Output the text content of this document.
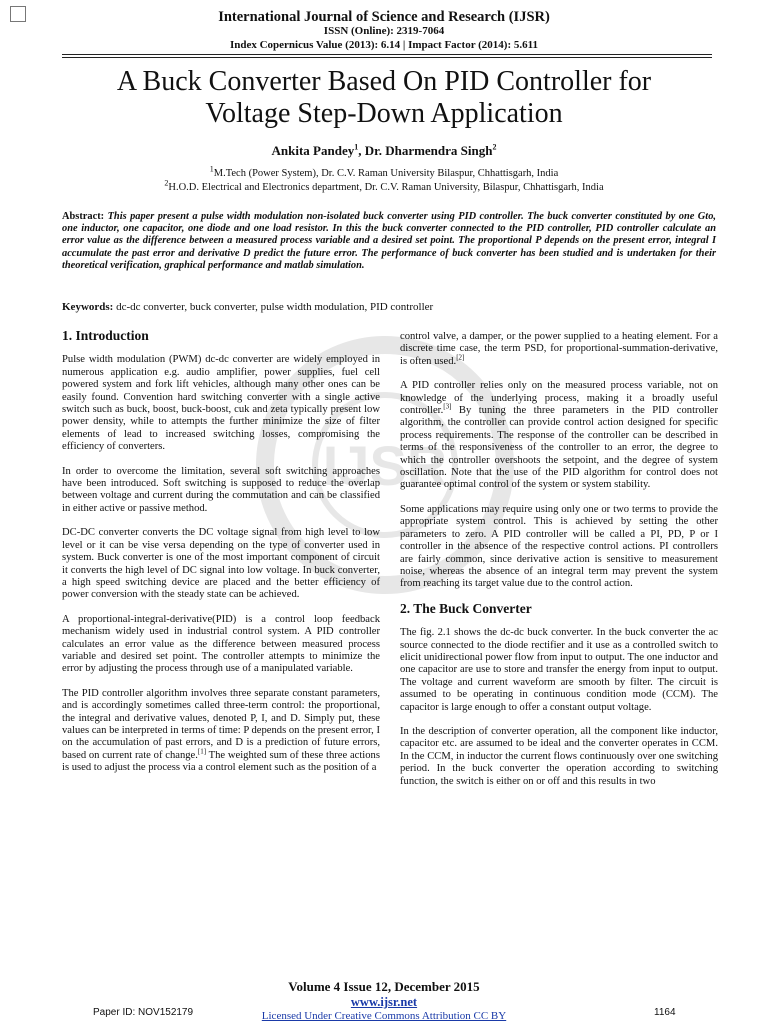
IJSR
International Journal of Science and Research (IJSR)
ISSN (Online): 2319-7064
Index Copernicus Value (2013): 6.14 | Impact Factor (2014): 5.611
A Buck Converter Based On PID Controller for
Voltage Step-Down Application
Ankita Pandey$^1$, Dr. Dharmendra Singh$^2$
$^1$M.Tech (Power System), Dr. C.V. Raman University Bilaspur, Chhattisgarh, India
$^2$H.O.D. Electrical and Electronics department, Dr. C.V. Raman University, Bilaspur, Chhattisgarh, India
Abstract: This paper present a pulse width modulation non-isolated buck converter using PID controller. The buck converter constituted by one Gto, one inductor, one capacitor, one diode and one load resistor. In this the buck converter connected to the PID controller, PID controller calculate an error value as the difference between a measured process variable and a desired set point. The proportional P depends on the present error, integral I accumulate the past error and derivative D predict the future error. The performance of buck converter has been studied and is undertaken for their theoretical verification, graphical performance and matlab simulation.
Keywords: dc-dc converter, buck converter, pulse width modulation, PID controller

1. Introduction

Pulse width modulation (PWM) dc-dc converter are widely employed in numerous application e.g. audio amplifier, power supplies, fuel cell powered system and fork lift vehicles, although many other ones can be easily found. Convention hard switching converter with a single active switch such as buck, boost, buck-boost, cuk and zeta typically present low power density, while to attempts the further minimize the size of filter elements of lead to increased switching losses, compromising the efficiency of converters.

In order to overcome the limitation, several soft switching approaches have been introduced. Soft switching is supposed to reduce the overlap between voltage and current during the commutation and can be classified in either active or passive method.

DC-DC converter converts the DC voltage signal from high level to low level or it can be vise versa depending on the type of converter used in system. Buck converter is one of the most important component of circuit it converts the high level of DC signal into low voltage. In buck converter, a high speed switching device are placed and the better efficiency of power conversion with the steady state can be achieved.

A proportional-integral-derivative(PID) is a control loop feedback mechanism widely used in industrial control system. A PID controller calculates an error value as the difference between measured process variable and desired set point. The controller attempts to minimize the error by adjusting the process through use of a manipulated variable.

The PID controller algorithm involves three separate constant parameters, and is accordingly sometimes called three-term control: the proportional, the integral and derivative values, denoted P, I, and D. Simply put, these values can be interpreted in terms of time: P depends on the present error, I on the accumulation of past errors, and D is a prediction of future errors, based on current rate of change.[1] The weighted sum of these three actions is used to adjust the process via a control element such as the position of a

control valve, a damper, or the power supplied to a heating element. For a discrete time case, the term PSD, for proportional-summation-derivative, is often used.[2]

A PID controller relies only on the measured process variable, not on knowledge of the underlying process, making it a broadly useful controller.[3] By tuning the three parameters in the PID controller algorithm, the controller can provide control action designed for specific process requirements. The response of the controller can be described in terms of the responsiveness of the controller to an error, the degree to which the controller overshoots the setpoint, and the degree of system oscillation. Note that the use of the PID algorithm for control does not guarantee optimal control of the system or system stability.

Some applications may require using only one or two terms to provide the appropriate system control. This is achieved by setting the other parameters to zero. A PID controller will be called a PI, PD, P or I controller in the absence of the respective control actions. PI controllers are fairly common, since derivative action is sensitive to measurement noise, whereas the absence of an integral term may prevent the system from reaching its target value due to the control action.

2. The Buck Converter

The fig. 2.1 shows the dc-dc buck converter. In the buck converter the ac source connected to the diode rectifier and it use as a controlled switch to elicit unidirectional power flow from input to output. The one inductor and one capacitor are use to store and transfer the energy from input to output. The voltage and current waveform are smooth by filter. The circuit is assumed to be operating in continuous condition mode (CCM). The capacitor is large enough to offer a constant output voltage.

In the description of converter operation, all the component like inductor, capacitor etc. are assumed to be ideal and the converter operates in CCM. In the CCM, in inductor the current flows continuously over one switching period. In the buck converter the operation according to switching function, the switch is either on or off and this results in two

Volume 4 Issue 12, December 2015
www.ijsr.net
Licensed Under Creative Commons Attribution CC BY
Paper ID: NOV152179	1164
